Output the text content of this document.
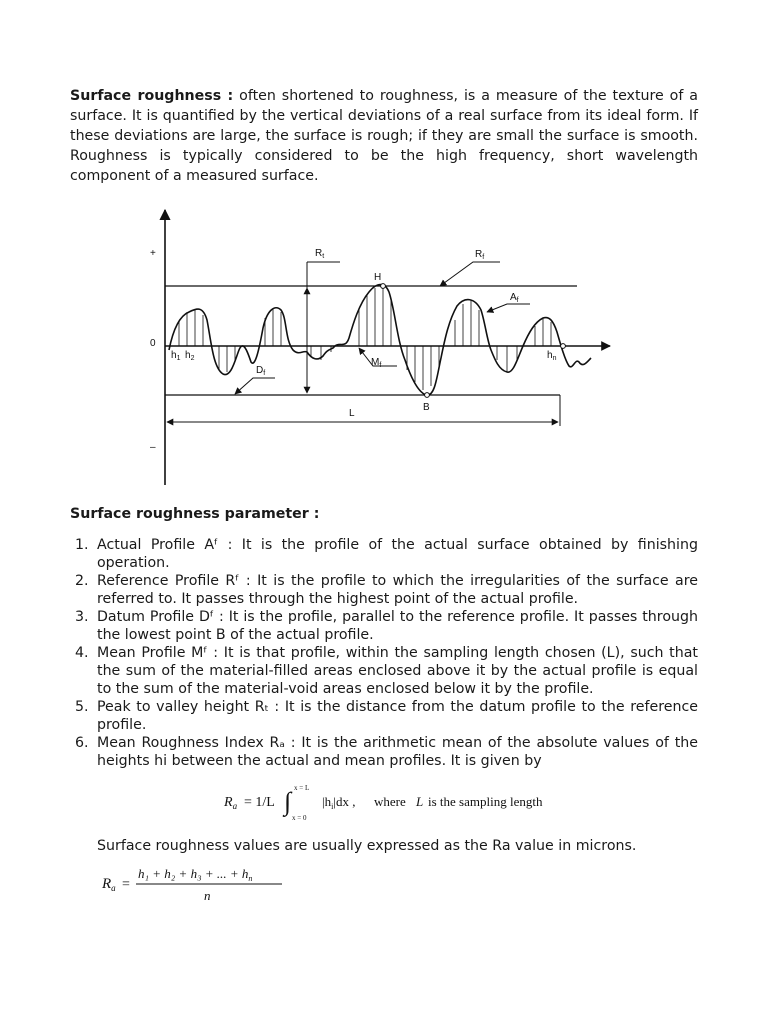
Surface roughness : often shortened to roughness, is a measure of the texture of a surface. It is quantified by the vertical deviations of a real surface from its ideal form. If these deviations are large, the surface is rough; if they are small the surface is smooth. Roughness is typically considered to be the high frequency, short wavelength component of a measured surface.

+
0
–
$R_t$	$R_f$
H
$A_f$
$h_1$ $h_2$	$h_n$
$D_f$
$M_f$
B
L
Surface roughness parameter :
1. Actual Profile Aᶠ : It is the profile of the actual surface obtained by finishing operation.
2. Reference Profile Rᶠ : It is the profile to which the irregularities of the surface are referred to. It passes through the highest point of the actual profile.
3. Datum Profile Dᶠ : It is the profile, parallel to the reference profile. It passes through the lowest point B of the actual profile.
4. Mean Profile Mᶠ : It is that profile, within the sampling length chosen (L), such that the sum of the material-filled areas enclosed above it by the actual profile is equal to the sum of the material-void areas enclosed below it by the profile.
5. Peak to valley height Rₜ : It is the distance from the datum profile to the reference profile.
6. Mean Roughness Index Rₐ : It is the arithmetic mean of the absolute values of the heights hi between the actual and mean profiles. It is given by
$R_a = 1/L$ ∫ x = L
x = 0
$|h_i|dx$ , where L is the sampling length

Surface roughness values are usually expressed as the Ra value in microns.

$R_a$ =
h₁ + h₂ + h₃ + ... + $h_n$
n
